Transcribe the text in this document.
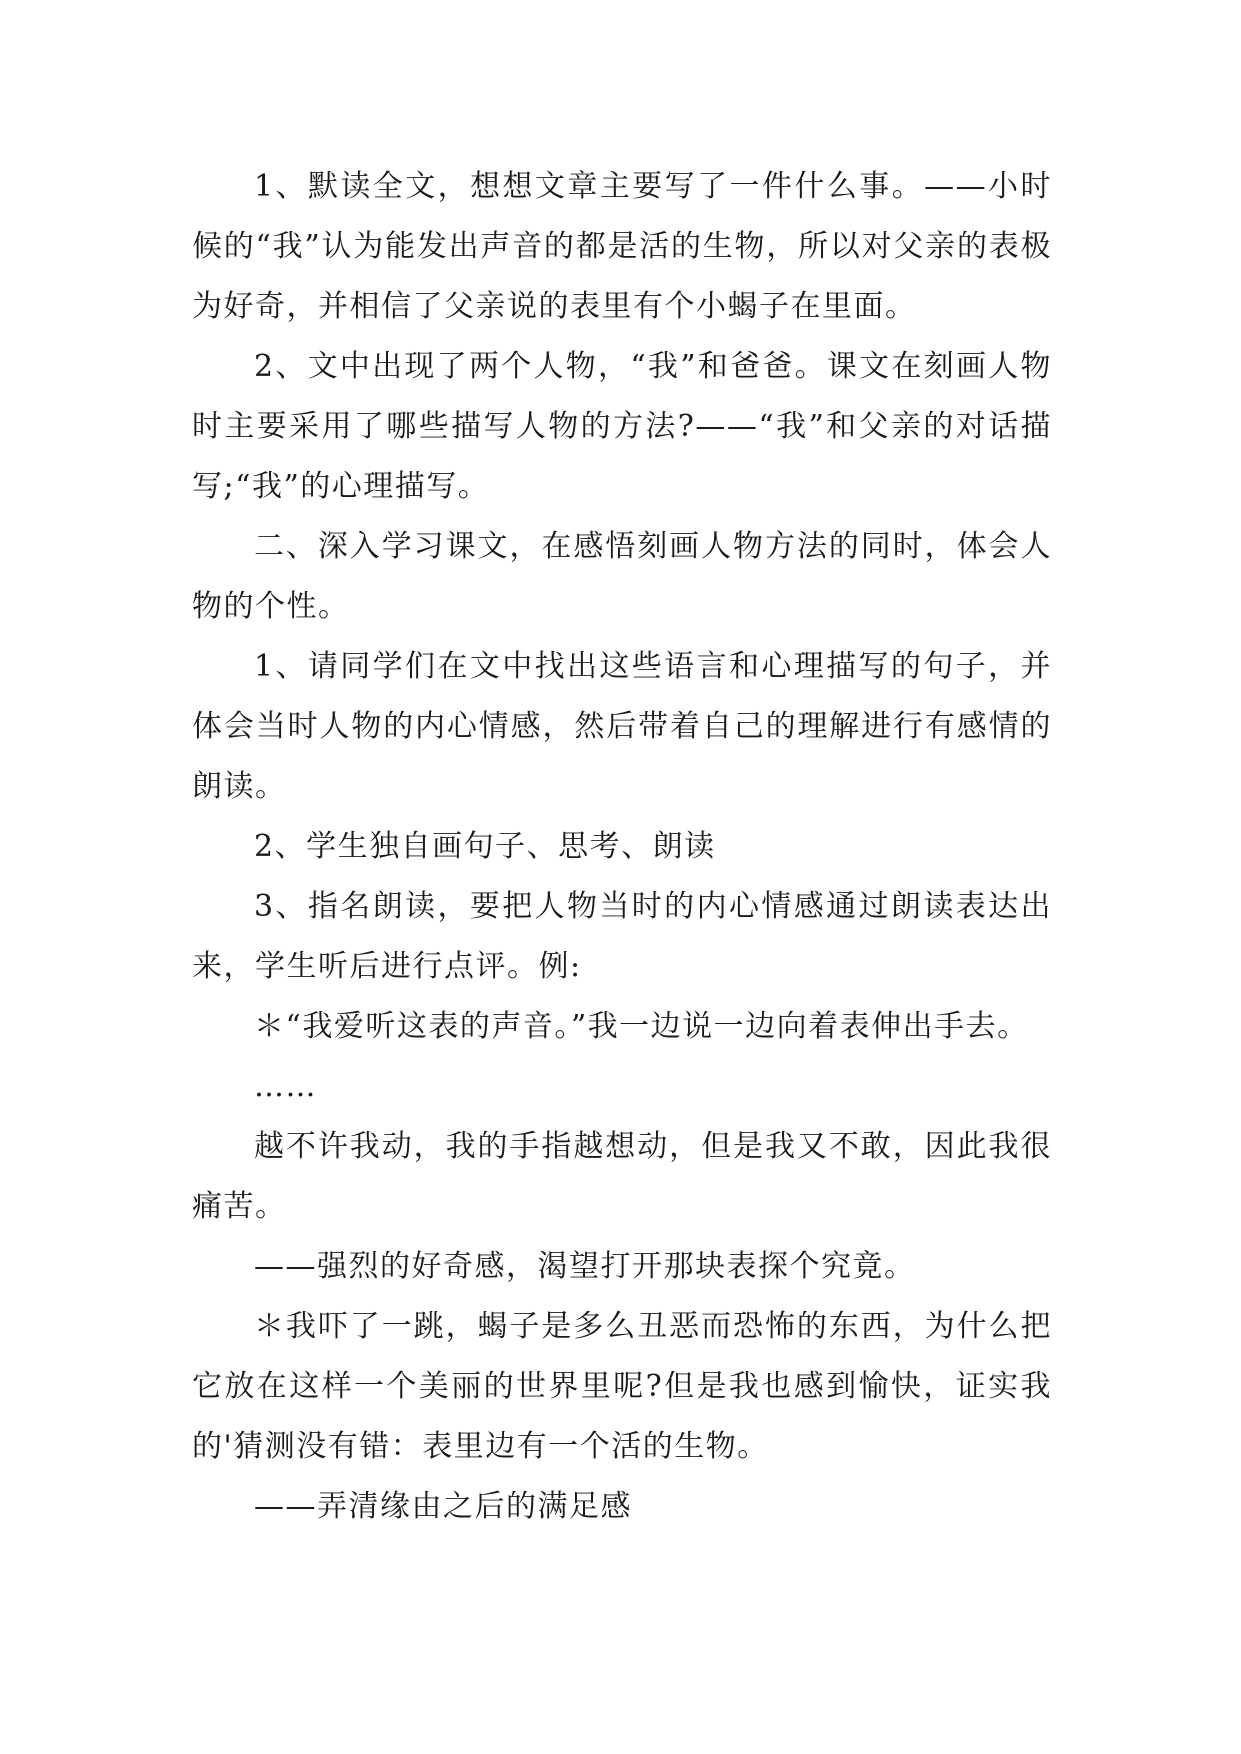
1、默读全文，想想文章主要写了一件什么事。——小时候的“我”认为能发出声音的都是活的生物，所以对父亲的表极为好奇，并相信了父亲说的表里有个小蝎子在里面。

2、文中出现了两个人物，“我”和爸爸。课文在刻画人物时主要采用了哪些描写人物的方法?——“我”和父亲的对话描写;“我”的心理描写。

二、深入学习课文，在感悟刻画人物方法的同时，体会人物的个性。

1、请同学们在文中找出这些语言和心理描写的句子，并体会当时人物的内心情感，然后带着自己的理解进行有感情的朗读。

2、学生独自画句子、思考、朗读

3、指名朗读，要把人物当时的内心情感通过朗读表达出来，学生听后进行点评。例:

＊“我爱听这表的声音。”我一边说一边向着表伸出手去。

……

越不许我动，我的手指越想动，但是我又不敢，因此我很痛苦。

——强烈的好奇感，渴望打开那块表探个究竟。

＊我吓了一跳，蝎子是多么丑恶而恐怖的东西，为什么把它放在这样一个美丽的世界里呢?但是我也感到愉快，证实我的'猜测没有错：表里边有一个活的生物。

——弄清缘由之后的满足感
